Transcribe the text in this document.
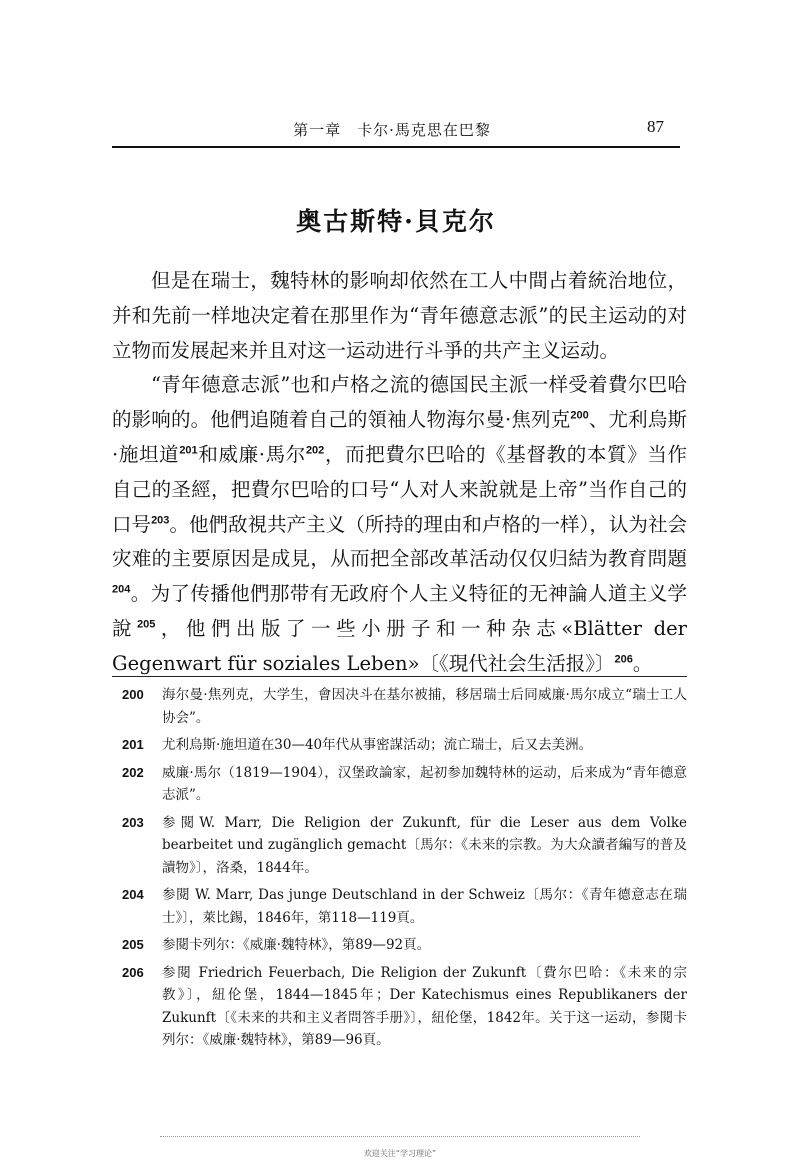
第一章　卡尔·馬克思在巴黎	87
奥古斯特·貝克尔

但是在瑞士，魏特林的影响却依然在工人中間占着統治地位，并和先前一样地决定着在那里作为“青年德意志派”的民主运动的对立物而发展起来并且对这一运动进行斗爭的共产主义运动。

“青年德意志派”也和卢格之流的德国民主派一样受着費尔巴哈的影响的。他們追随着自己的領袖人物海尔曼·焦列克$^{200}$、尤利烏斯·施坦道$^{201}$和威廉·馬尔$^{202}$，而把費尔巴哈的《基督教的本質》当作自己的圣經，把費尔巴哈的口号“人对人来說就是上帝”当作自己的口号$^{203}$。他們敌視共产主义（所持的理由和卢格的一样），认为社会灾难的主要原因是成見，从而把全部改革活动仅仅归結为教育問題$^{204}$。为了传播他們那带有无政府个人主义特征的无神論人道主义学說$^{205}$，他們出版了一些小册子和一种杂志«Blätter der Gegenwart für soziales Leben»〔《現代社会生活报》〕$^{206}$。

200	海尔曼·焦列克，大学生，會因决斗在基尔被捕，移居瑞士后同威廉·馬尔成立“瑞士工人协会”。
201	尤利烏斯·施坦道在30—40年代从事密謀活动；流亡瑞士，后又去美洲。
202	威廉·馬尔（1819—1904），汉堡政論家，起初参加魏特林的运动，后来成为“青年德意志派”。
203	参閱W. Marr, Die Religion der Zukunft, für die Leser aus dem Volke bearbeitet und zugänglich gemacht〔馬尔：《未来的宗教。为大众讀者編写的普及讀物》〕，洛桑，1844年。
204	参閱 W. Marr, Das junge Deutschland in der Schweiz〔馬尔：《青年德意志在瑞士》〕，萊比錫，1846年，第118—119頁。
205	参閱卡列尔：《威廉·魏特林》，第89—92頁。
206	参閱 Friedrich Feuerbach, Die Religion der Zukunft〔費尔巴哈：《未来的宗教》〕，紐伦堡，1844—1845年；Der Katechismus eines Republikaners der Zukunft〔《未来的共和主义者問答手册》〕，紐伦堡，1842年。关于这一运动，参閱卡列尔：《威廉·魏特林》，第89—96頁。
欢迎关注“学习理论”
